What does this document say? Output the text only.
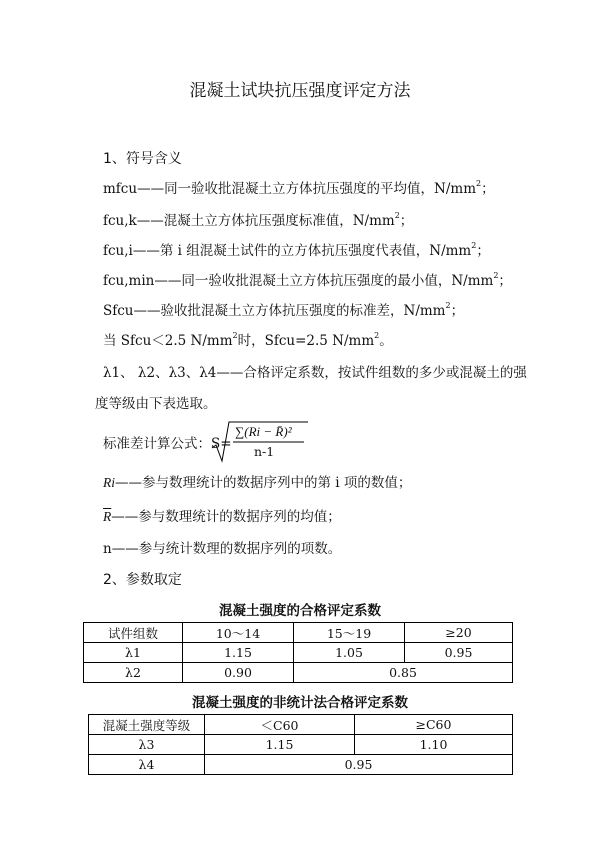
混凝土试块抗压强度评定方法
1、符号含义
mfcu——同一验收批混凝土立方体抗压强度的平均值，$N/mm^2$；
fcu,k——混凝土立方体抗压强度标准值，$N/mm^2$；
fcu,i——第 i 组混凝土试件的立方体抗压强度代表值，$N/mm^2$；
fcu,min——同一验收批混凝土立方体抗压强度的最小值，$N/mm^2$；
Sfcu——验收批混凝土立方体抗压强度的标准差，$N/mm^2$；
当 Sfcu＜2.5 $N/mm^2$时，Sfcu=2.5 $N/mm^2$。
λ1、 λ2、λ3、λ4——合格评定系数，按试件组数的多少或混凝土的强
度等级由下表选取。
标准差计算公式：S=
∑(Ri − R̄)²
n-1
Ri——参与数理统计的数据序列中的第 i 项的数值；
$\overline{R}——$参与数理统计的数据序列的均值；
n——参与统计数理的数据序列的项数。
2、参数取定
混凝土强度的合格评定系数
试件组数	10～14	15～19	≥20
λ1	1.15	1.05	0.95
λ2	0.90	0.85	
混凝土强度的非统计法合格评定系数
混凝土强度等级	＜C60	≥C60
λ3	1.15	1.10
λ4	0.95	
